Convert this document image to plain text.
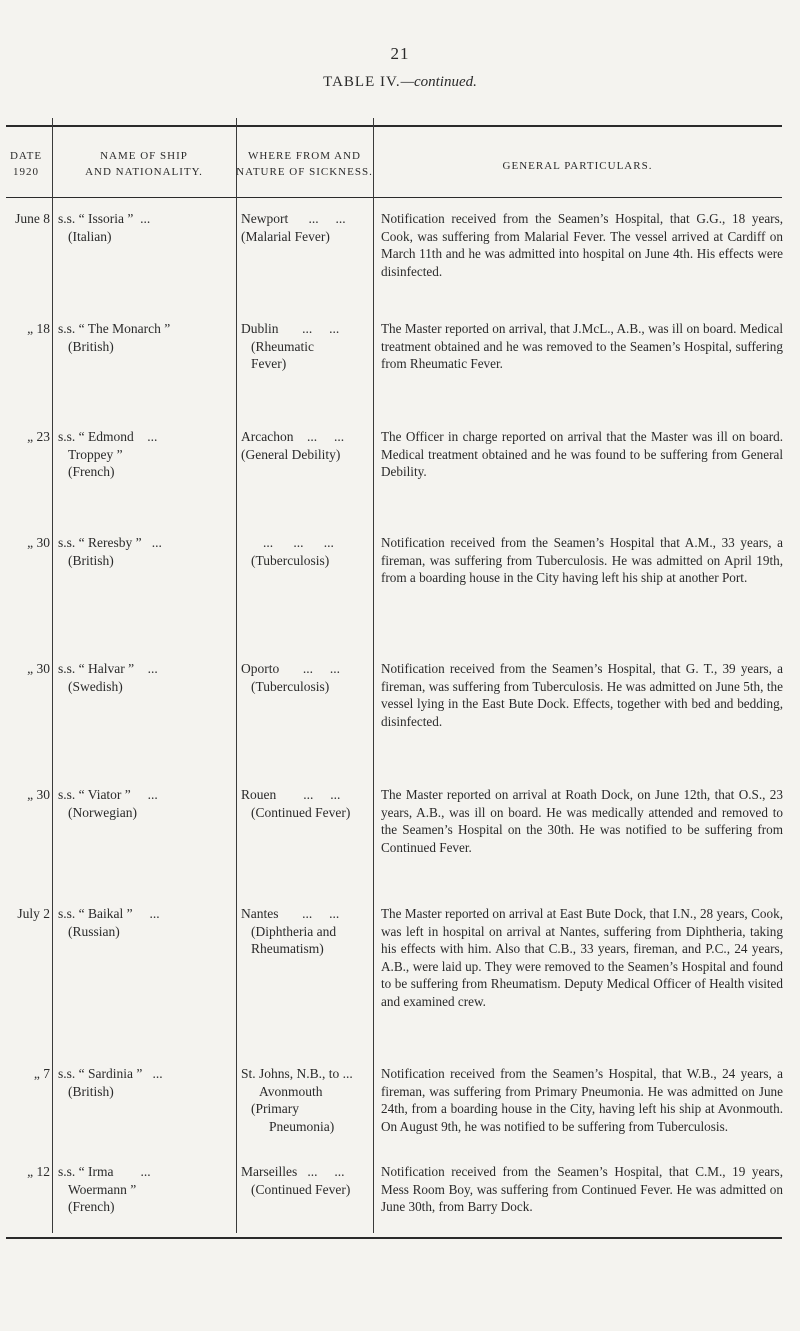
21
TABLE IV.—continued.
DATE
1920
NAME OF SHIP
AND NATIONALITY.
WHERE FROM AND
NATURE OF SICKNESS.	GENERAL PARTICULARS.
June 8 s.s. “ Issoria ”  ...
(Italian)
Newport      ...     ...
(Malarial Fever)
Notification received from the Seamen’s Hospital, that G.G., 18 years, Cook, was suffering from Malarial Fever. The vessel arrived at Cardiff on March 11th and he was admitted into hospital on June 4th. His effects were disinfected.
„ 18 s.s. “ The Monarch ”
(British)
Dublin       ...     ...
(Rheumatic
Fever)
The Master reported on arrival, that J.McL., A.B., was ill on board. Medical treatment obtained and he was removed to the Seamen’s Hospital, suffering from Rheumatic Fever.
„ 23 s.s. “ Edmond    ...
Troppey ”
(French)
Arcachon    ...     ...
(General Debility)
The Officer in charge reported on arrival that the Master was ill on board. Medical treatment obtained and he was found to be suffering from General Debility.
„ 30 s.s. “ Reresby ”   ...
(British)
...      ...      ...
(Tuberculosis)
Notification received from the Seamen’s Hospital that A.M., 33 years, a fireman, was suffering from Tuberculosis. He was admitted on April 19th, from a boarding house in the City having left his ship at another Port.
„ 30 s.s. “ Halvar ”    ...
(Swedish)
Oporto       ...     ...
(Tuberculosis)
Notification received from the Seamen’s Hospital, that G. T., 39 years, a fireman, was suffering from Tuberculosis. He was admitted on June 5th, the vessel lying in the East Bute Dock. Effects, together with bed and bedding, disinfected.
„ 30 s.s. “ Viator ”     ...
(Norwegian)
Rouen        ...     ...
(Continued Fever)
The Master reported on arrival at Roath Dock, on June 12th, that O.S., 23 years, A.B., was ill on board. He was medically attended and removed to the Seamen’s Hospital on the 30th. He was notified to be suffering from Continued Fever.
July 2 s.s. “ Baikal ”     ...
(Russian)
Nantes       ...     ...
(Diphtheria and
Rheumatism)
The Master reported on arrival at East Bute Dock, that I.N., 28 years, Cook, was left in hospital on arrival at Nantes, suffering from Diphtheria, taking his effects with him. Also that C.B., 33 years, fireman, and P.C., 24 years, A.B., were laid up. They were removed to the Seamen’s Hospital and found to be suffering from Rheumatism. Deputy Medical Officer of Health visited and examined crew.
„ 7 s.s. “ Sardinia ”   ...
(British)
St. Johns, N.B., to ...
Avonmouth
(Primary
Pneumonia)
Notification received from the Seamen’s Hospital, that W.B., 24 years, a fireman, was suffering from Primary Pneumonia. He was admitted on June 24th, from a boarding house in the City, having left his ship at Avonmouth. On August 9th, he was notified to be suffering from Tuberculosis.
„ 12 s.s. “ Irma        ...
Woermann ”
(French)
Marseilles   ...     ...
(Continued Fever)
Notification received from the Seamen’s Hospital, that C.M., 19 years, Mess Room Boy, was suffering from Continued Fever. He was admitted on June 30th, from Barry Dock.
